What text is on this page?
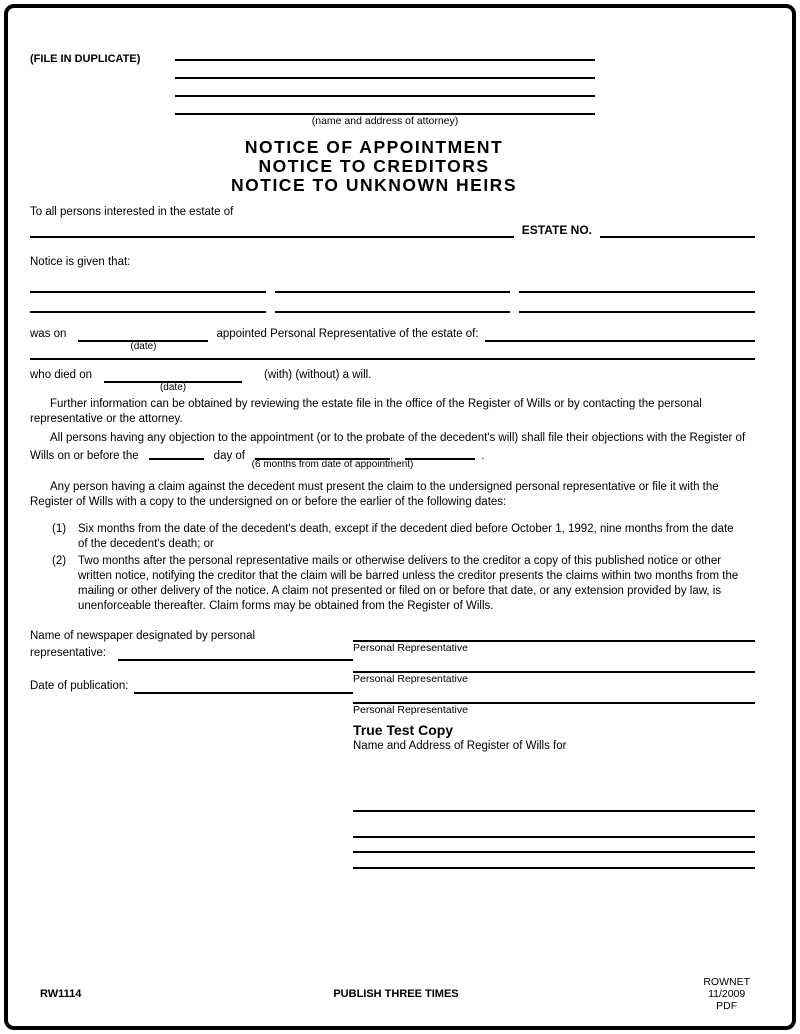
(FILE IN DUPLICATE)
(name and address of attorney)
NOTICE OF APPOINTMENT
NOTICE TO CREDITORS
NOTICE TO UNKNOWN HEIRS
To all persons interested in the estate of
ESTATE NO.
Notice is given that:
was on
(date)
appointed Personal Representative of the estate of:
who died on
(date)
(with) (without) a will.

Further information can be obtained by reviewing the estate file in the office of the Register of Wills or by contacting the personal representative or the attorney.

All persons having any objection to the appointment (or to the probate of the decedent's will) shall file their objections with the Register of Wills on or before the	day of
(6 months from date of appointment)
,	.

Any person having a claim against the decedent must present the claim to the undersigned personal representative or file it with the Register of Wills with a copy to the undersigned on or before the earlier of the following dates:

(1)	Six months from the date of the decedent's death, except if the decedent died before October 1, 1992, nine months from the date of the decedent's death; or
(2)	Two months after the personal representative mails or otherwise delivers to the creditor a copy of this published notice or other written notice, notifying the creditor that the claim will be barred unless the creditor presents the claims within two months from the mailing or other delivery of the notice. A claim not presented or filed on or before that date, or any extension provided by law, is unenforceable thereafter. Claim forms may be obtained from the Register of Wills.
Name of newspaper designated by personal
representative:
Date of publication:
Personal Representative
Personal Representative
Personal Representative
True Test Copy
Name and Address of Register of Wills for
RW1114	PUBLISH THREE TIMES
ROWNET
11/2009
PDF
